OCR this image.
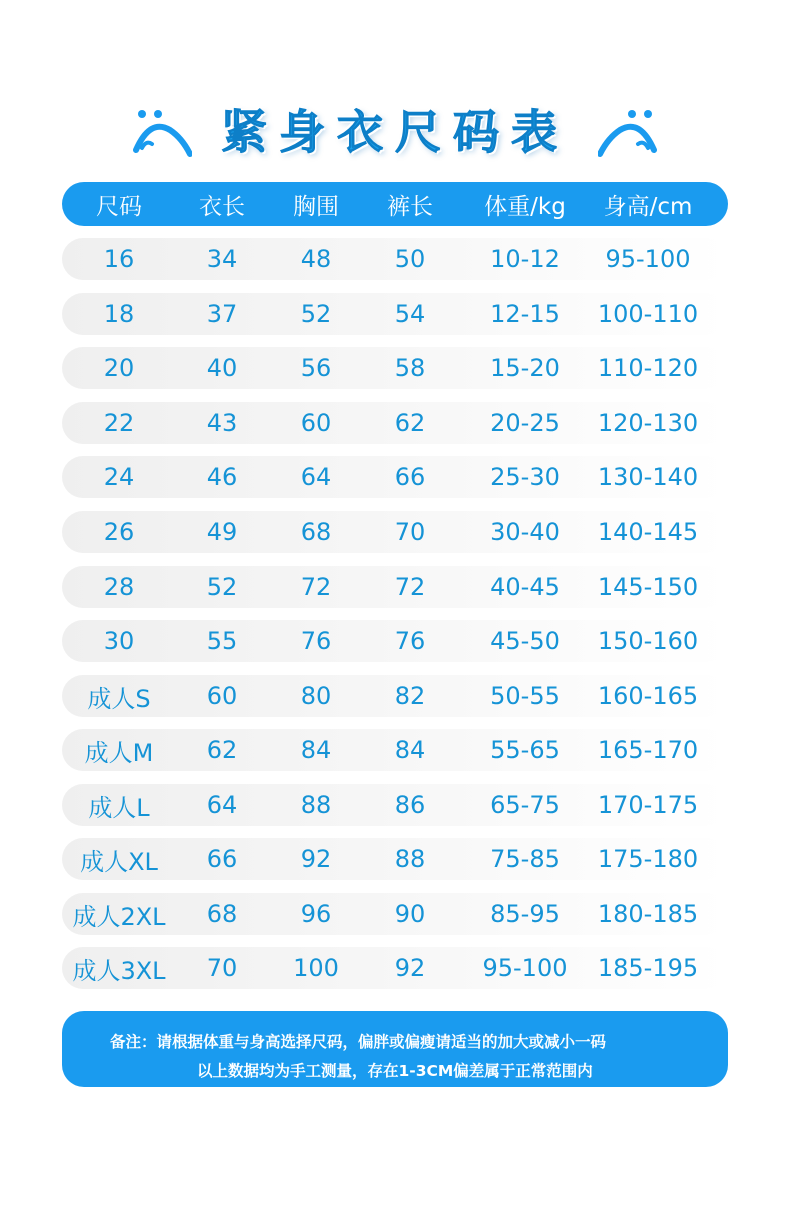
紧身衣尺码表
尺码	衣长	胸围	裤长	体重/kg	身高/cm
16	34	48	50	10-12	95-100
18	37	52	54	12-15	100-110
20	40	56	58	15-20	110-120
22	43	60	62	20-25	120-130
24	46	64	66	25-30	130-140
26	49	68	70	30-40	140-145
28	52	72	72	40-45	145-150
30	55	76	76	45-50	150-160
成人S	60	80	82	50-55	160-165
成人M	62	84	84	55-65	165-170
成人L	64	88	86	65-75	170-175
成人XL	66	92	88	75-85	175-180
成人2XL	68	96	90	85-95	180-185
成人3XL	70	100	92	95-100	185-195
备注：请根据体重与身高选择尺码，偏胖或偏瘦请适当的加大或减小一码
以上数据均为手工测量，存在1-3CM偏差属于正常范围内
